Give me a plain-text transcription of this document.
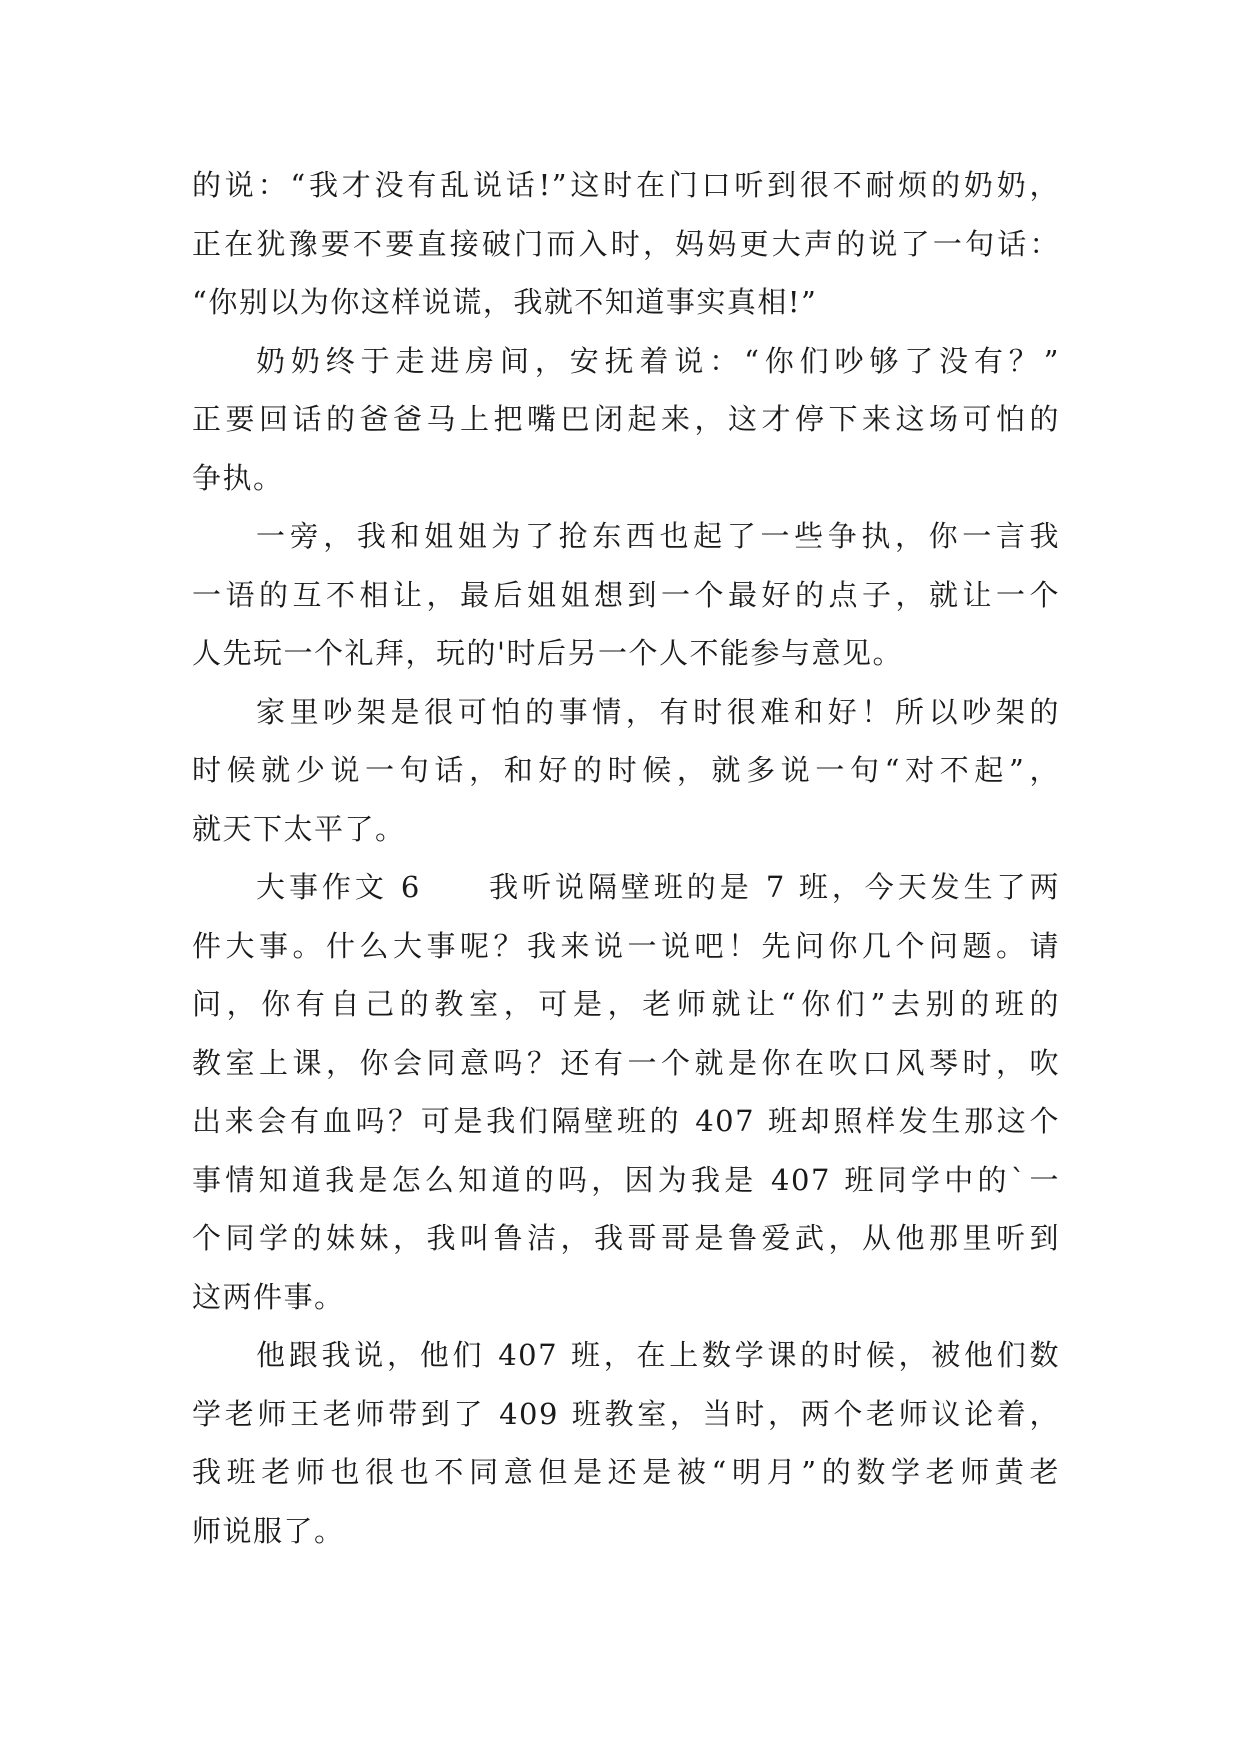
的说：“我才没有乱说话!”这时在门口听到很不耐烦的奶奶，
正在犹豫要不要直接破门而入时，妈妈更大声的说了一句话：
“你别以为你这样说谎，我就不知道事实真相!”
奶奶终于走进房间，安抚着说：“你们吵够了没有？”
正要回话的爸爸马上把嘴巴闭起来，这才停下来这场可怕的
争执。
一旁，我和姐姐为了抢东西也起了一些争执，你一言我
一语的互不相让，最后姐姐想到一个最好的点子，就让一个
人先玩一个礼拜，玩的'时后另一个人不能参与意见。
家里吵架是很可怕的事情，有时很难和好！所以吵架的
时候就少说一句话，和好的时候，就多说一句“对不起”，
就天下太平了。
大事作文 6　　我听说隔壁班的是 7 班，今天发生了两
件大事。什么大事呢？我来说一说吧！先问你几个问题。请
问，你有自己的教室，可是，老师就让“你们”去别的班的
教室上课，你会同意吗？还有一个就是你在吹口风琴时，吹
出来会有血吗？可是我们隔壁班的 407 班却照样发生那这个
事情知道我是怎么知道的吗，因为我是 407 班同学中的`一
个同学的妹妹，我叫鲁洁，我哥哥是鲁爱武，从他那里听到
这两件事。
他跟我说，他们 407 班，在上数学课的时候，被他们数
学老师王老师带到了 409 班教室，当时，两个老师议论着，
我班老师也很也不同意但是还是被“明月”的数学老师黄老
师说服了。
